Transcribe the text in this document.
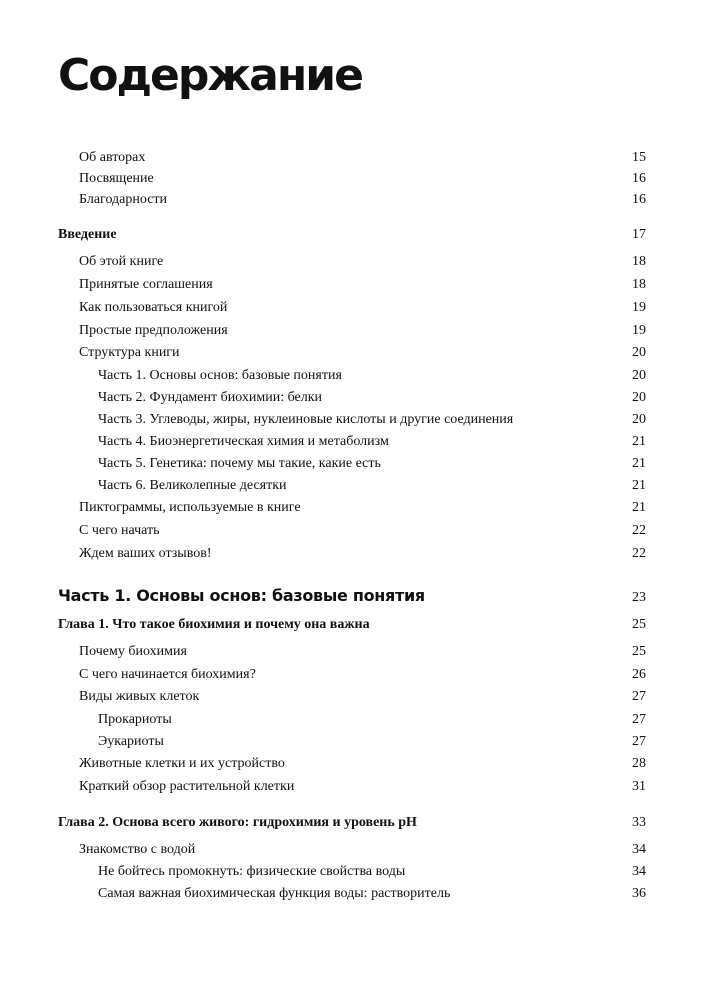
Содержание
Об авторах	15
Посвящение	16
Благодарности	16
Введение	17
Об этой книге	18
Принятые соглашения	18
Как пользоваться книгой	19
Простые предположения	19
Структура книги	20
Часть 1. Основы основ: базовые понятия	20
Часть 2. Фундамент биохимии: белки	20
Часть 3. Углеводы, жиры, нуклеиновые кислоты и другие соединения	20
Часть 4. Биоэнергетическая химия и метаболизм	21
Часть 5. Генетика: почему мы такие, какие есть	21
Часть 6. Великолепные десятки	21
Пиктограммы, используемые в книге	21
С чего начать	22
Ждем ваших отзывов!	22
Часть 1. Основы основ: базовые понятия	23
Глава 1. Что такое биохимия и почему она важна	25
Почему биохимия	25
С чего начинается биохимия?	26
Виды живых клеток	27
Прокариоты	27
Эукариоты	27
Животные клетки и их устройство	28
Краткий обзор растительной клетки	31
Глава 2. Основа всего живого: гидрохимия и уровень рН	33
Знакомство с водой	34
Не бойтесь промокнуть: физические свойства воды	34
Самая важная биохимическая функция воды: растворитель	36
